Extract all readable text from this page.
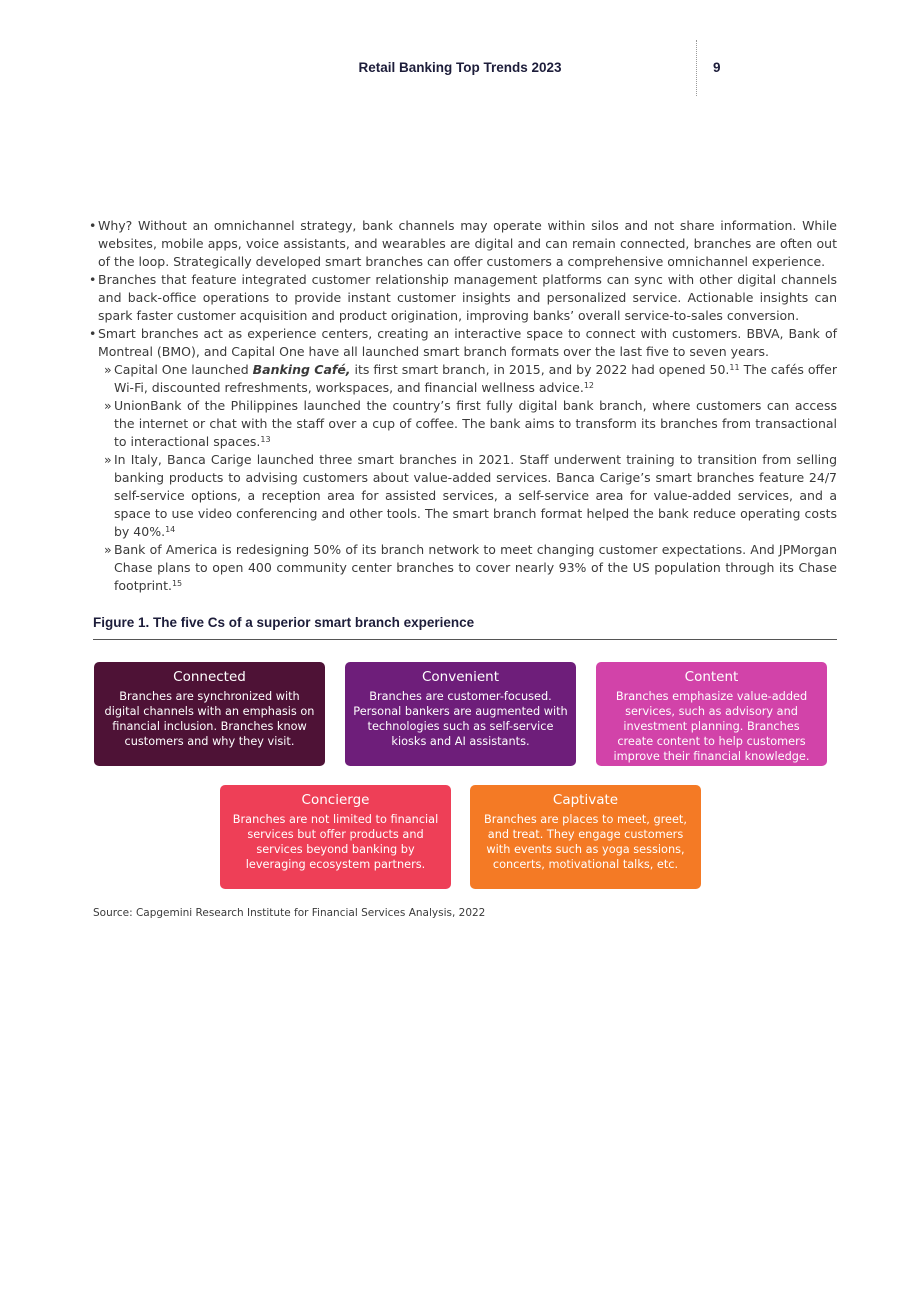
Retail Banking Top Trends 2023	9
• Why? Without an omnichannel strategy, bank channels may operate within silos and not share information. While websites, mobile apps, voice assistants, and wearables are digital and can remain connected, branches are often out of the loop. Strategically developed smart branches can offer customers a comprehensive omnichannel experience.
• Branches that feature integrated customer relationship management platforms can sync with other digital channels and back-office operations to provide instant customer insights and personalized service. Actionable insights can spark faster customer acquisition and product origination, improving banks’ overall service-to-sales conversion.
• Smart branches act as experience centers, creating an interactive space to connect with customers. BBVA, Bank of Montreal (BMO), and Capital One have all launched smart branch formats over the last five to seven years.
» Capital One launched Banking Café, its first smart branch, in 2015, and by 2022 had opened 50.11 The cafés offer Wi-Fi, discounted refreshments, workspaces, and financial wellness advice.$^{12}$
» UnionBank of the Philippines launched the country’s first fully digital bank branch, where customers can access the internet or chat with the staff over a cup of coffee. The bank aims to transform its branches from transactional to interactional spaces.$^{13}$
» In Italy, Banca Carige launched three smart branches in 2021. Staff underwent training to transition from selling banking products to advising customers about value-added services. Banca Carige’s smart branches feature 24/7 self-service options, a reception area for assisted services, a self-service area for value-added services, and a space to use video conferencing and other tools. The smart branch format helped the bank reduce operating costs by 40%.$^{14}$
» Bank of America is redesigning 50% of its branch network to meet changing customer expectations. And JPMorgan Chase plans to open 400 community center branches to cover nearly 93% of the US population through its Chase footprint.$^{15}$
Figure 1. The five Cs of a superior smart branch experience
Connected
Branches are synchronized with digital channels with an emphasis on financial inclusion. Branches know customers and why they visit.
Convenient
Branches are customer-focused. Personal bankers are augmented with technologies such as self-service kiosks and AI assistants.
Content
Branches emphasize value-added services, such as advisory and investment planning. Branches create content to help customers improve their financial knowledge.
Concierge
Branches are not limited to financial services but offer products and services beyond banking by leveraging ecosystem partners.
Captivate
Branches are places to meet, greet, and treat. They engage customers with events such as yoga sessions, concerts, motivational talks, etc.
Source: Capgemini Research Institute for Financial Services Analysis, 2022
